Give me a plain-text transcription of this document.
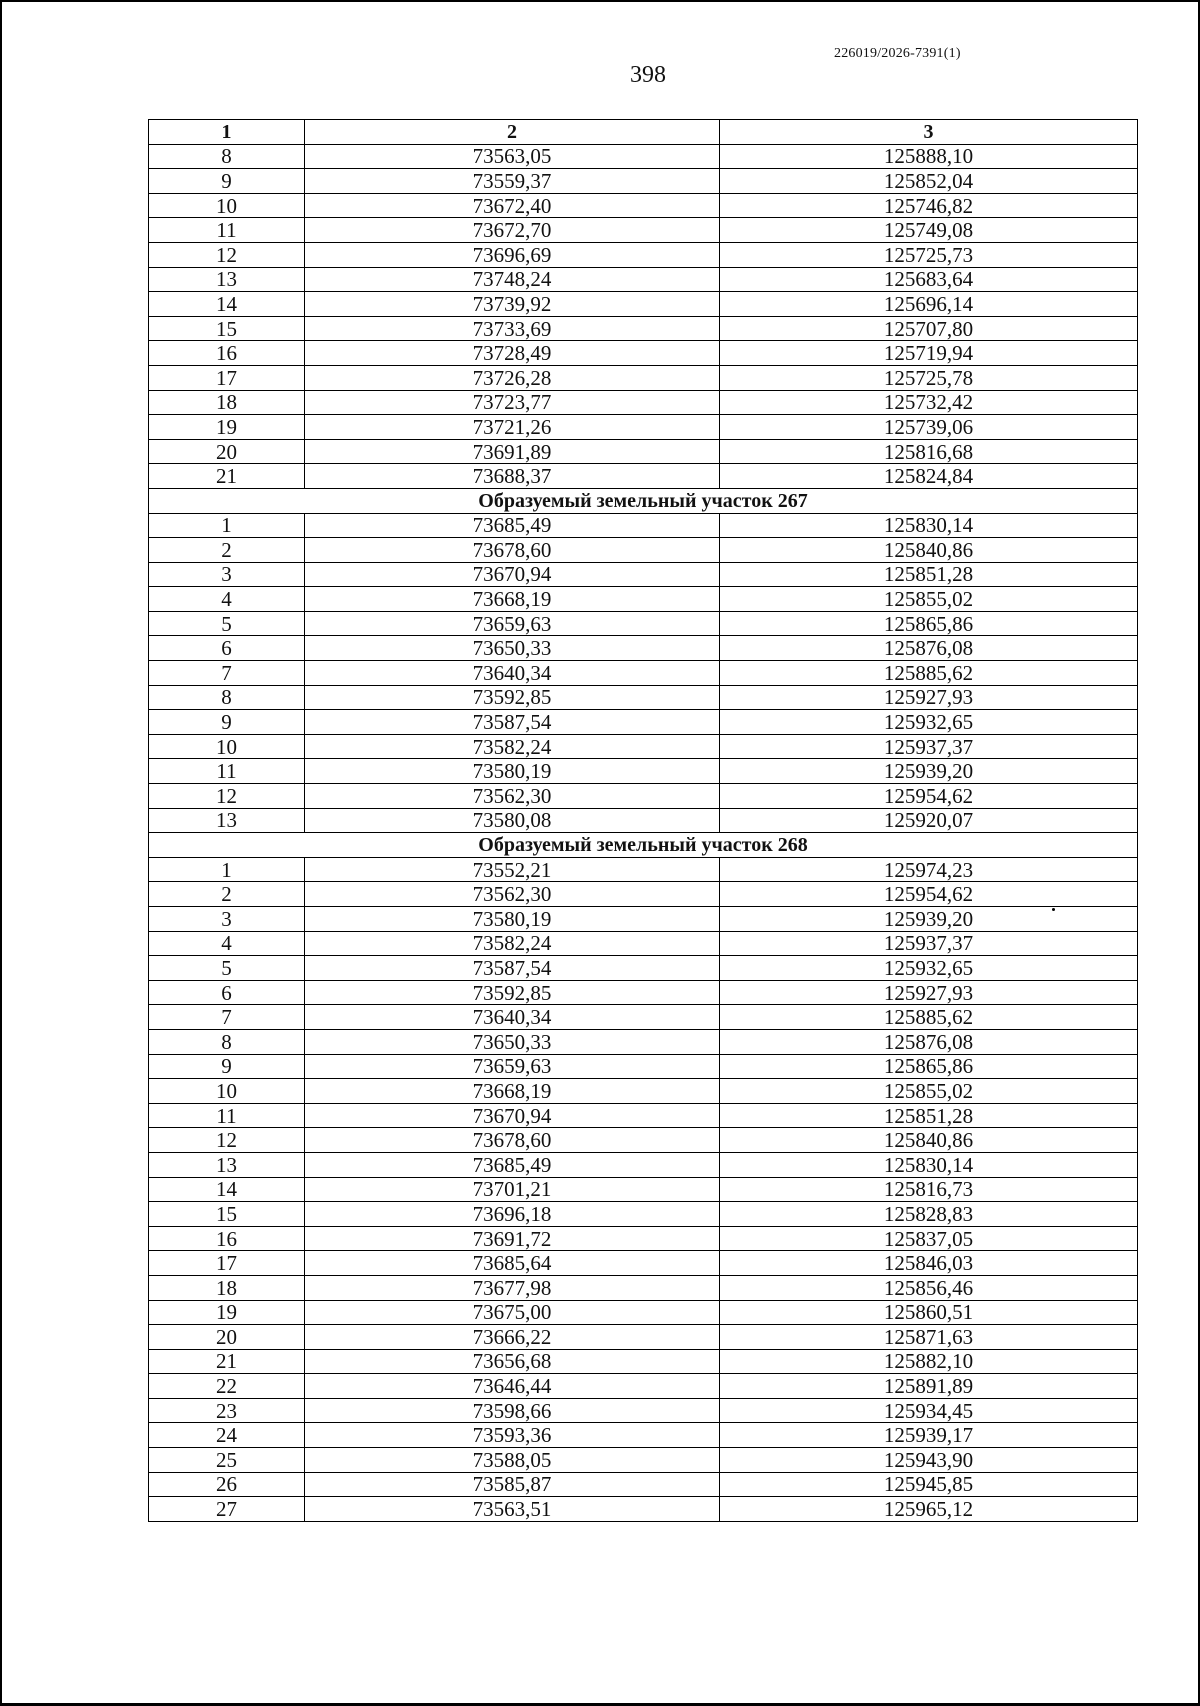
226019/2026-7391(1)
398
1	2	3
8	73563,05	125888,10
9	73559,37	125852,04
10	73672,40	125746,82
11	73672,70	125749,08
12	73696,69	125725,73
13	73748,24	125683,64
14	73739,92	125696,14
15	73733,69	125707,80
16	73728,49	125719,94
17	73726,28	125725,78
18	73723,77	125732,42
19	73721,26	125739,06
20	73691,89	125816,68
21	73688,37	125824,84
Образуемый земельный участок 267		
1	73685,49	125830,14
2	73678,60	125840,86
3	73670,94	125851,28
4	73668,19	125855,02
5	73659,63	125865,86
6	73650,33	125876,08
7	73640,34	125885,62
8	73592,85	125927,93
9	73587,54	125932,65
10	73582,24	125937,37
11	73580,19	125939,20
12	73562,30	125954,62
13	73580,08	125920,07
Образуемый земельный участок 268		
1	73552,21	125974,23
2	73562,30	125954,62
3	73580,19	125939,20
4	73582,24	125937,37
5	73587,54	125932,65
6	73592,85	125927,93
7	73640,34	125885,62
8	73650,33	125876,08
9	73659,63	125865,86
10	73668,19	125855,02
11	73670,94	125851,28
12	73678,60	125840,86
13	73685,49	125830,14
14	73701,21	125816,73
15	73696,18	125828,83
16	73691,72	125837,05
17	73685,64	125846,03
18	73677,98	125856,46
19	73675,00	125860,51
20	73666,22	125871,63
21	73656,68	125882,10
22	73646,44	125891,89
23	73598,66	125934,45
24	73593,36	125939,17
25	73588,05	125943,90
26	73585,87	125945,85
27	73563,51	125965,12
